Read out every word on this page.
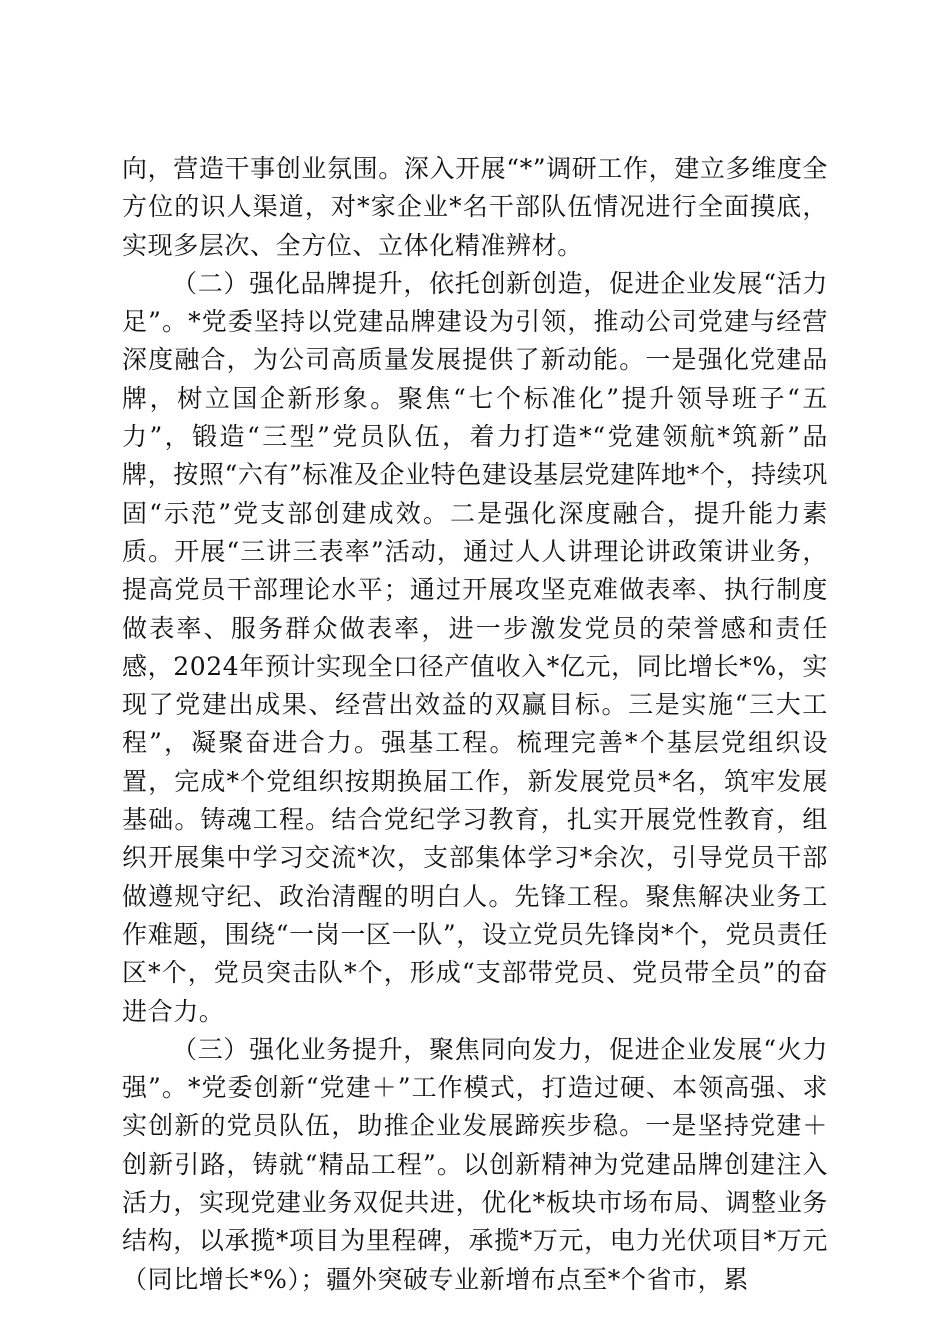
向，营造干事创业氛围。深入开展“*”调研工作，建立多维度全方位的识人渠道，对*家企业*名干部队伍情况进行全面摸底，实现多层次、全方位、立体化精准辨材。

（二）强化品牌提升，依托创新创造，促进企业发展“活力足”。*党委坚持以党建品牌建设为引领，推动公司党建与经营深度融合，为公司高质量发展提供了新动能。一是强化党建品牌，树立国企新形象。聚焦“七个标准化”提升领导班子“五力”，锻造“三型”党员队伍，着力打造*“党建领航*筑新”品牌，按照“六有”标准及企业特色建设基层党建阵地*个，持续巩固“示范”党支部创建成效。二是强化深度融合，提升能力素质。开展“三讲三表率”活动，通过人人讲理论讲政策讲业务，提高党员干部理论水平；通过开展攻坚克难做表率、执行制度做表率、服务群众做表率，进一步激发党员的荣誉感和责任感，2024年预计实现全口径产值收入*亿元，同比增长*%，实现了党建出成果、经营出效益的双赢目标。三是实施“三大工程”，凝聚奋进合力。强基工程。梳理完善*个基层党组织设置，完成*个党组织按期换届工作，新发展党员*名，筑牢发展基础。铸魂工程。结合党纪学习教育，扎实开展党性教育，组织开展集中学习交流*次，支部集体学习*余次，引导党员干部做遵规守纪、政治清醒的明白人。先锋工程。聚焦解决业务工作难题，围绕“一岗一区一队”，设立党员先锋岗*个，党员责任区*个，党员突击队*个，形成“支部带党员、党员带全员”的奋进合力。

（三）强化业务提升，聚焦同向发力，促进企业发展“火力强”。*党委创新“党建＋”工作模式，打造过硬、本领高强、求实创新的党员队伍，助推企业发展蹄疾步稳。一是坚持党建＋创新引路，铸就“精品工程”。以创新精神为党建品牌创建注入活力，实现党建业务双促共进，优化*板块市场布局、调整业务结构，以承揽*项目为里程碑，承揽*万元，电力光伏项目*万元（同比增长*%）；疆外突破专业新增布点至*个省市，累
